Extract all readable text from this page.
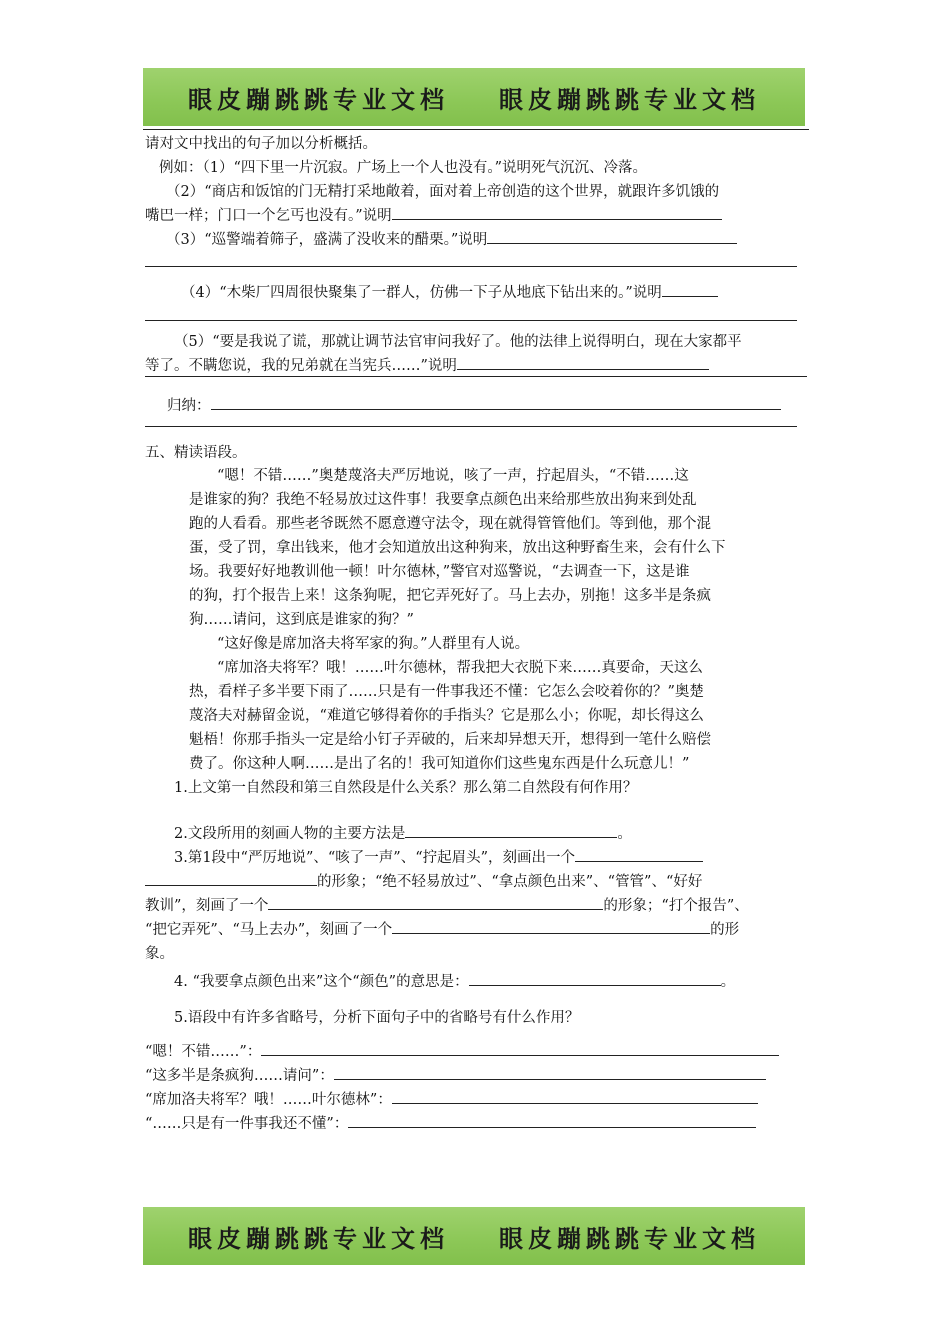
眼皮蹦跳跳专业文档 眼皮蹦跳跳专业文档
请对文中找出的句子加以分析概括。
例如：（1）“四下里一片沉寂。广场上一个人也没有。”说明死气沉沉、冷落。
（2）“商店和饭馆的门无精打采地敞着，面对着上帝创造的这个世界，就跟许多饥饿的
嘴巴一样；门口一个乞丐也没有。”说明
（3）“巡警端着筛子，盛满了没收来的醋栗。”说明
（4）“木柴厂四周很快聚集了一群人，仿佛一下子从地底下钻出来的。”说明
（5）“要是我说了谎，那就让调节法官审问我好了。他的法律上说得明白，现在大家都平
等了。不瞒您说，我的兄弟就在当宪兵……”说明
归纳：
五、精读语段。
“嗯！不错……”奥楚蔑洛夫严厉地说，咳了一声，拧起眉头，“不错……这
是谁家的狗？我绝不轻易放过这件事！我要拿点颜色出来给那些放出狗来到处乱
跑的人看看。那些老爷既然不愿意遵守法令，现在就得管管他们。等到他，那个混
蛋，受了罚，拿出钱来，他才会知道放出这种狗来，放出这种野畜生来，会有什么下
场。我要好好地教训他一顿！叶尔德林，”警官对巡警说，“去调查一下，这是谁
的狗，打个报告上来！这条狗呢，把它弄死好了。马上去办，别拖！这多半是条疯
狗……请问，这到底是谁家的狗？”
“这好像是席加洛夫将军家的狗。”人群里有人说。
“席加洛夫将军？哦！……叶尔德林，帮我把大衣脱下来……真要命，天这么
热，看样子多半要下雨了……只是有一件事我还不懂：它怎么会咬着你的？”奥楚
蔑洛夫对赫留金说，“难道它够得着你的手指头？它是那么小；你呢，却长得这么
魁梧！你那手指头一定是给小钉子弄破的，后来却异想天开，想得到一笔什么赔偿
费了。你这种人啊……是出了名的！我可知道你们这些鬼东西是什么玩意儿！”
1.上文第一自然段和第三自然段是什么关系？那么第二自然段有何作用？
2.文段所用的刻画人物的主要方法是	。
3.第1段中“严厉地说”、“咳了一声”、“拧起眉头”，刻画出一个
的形象；“绝不轻易放过”、“拿点颜色出来”、“管管”、“好好
教训”，刻画了一个	的形象；“打个报告”、
“把它弄死”、“马上去办”，刻画了一个	的形
象。
4. “我要拿点颜色出来”这个“颜色”的意思是：	。
5.语段中有许多省略号，分析下面句子中的省略号有什么作用？
“嗯！不错……”：
“这多半是条疯狗……请问”：
“席加洛夫将军？哦！……叶尔德林”：
“……只是有一件事我还不懂”：
眼皮蹦跳跳专业文档 眼皮蹦跳跳专业文档
